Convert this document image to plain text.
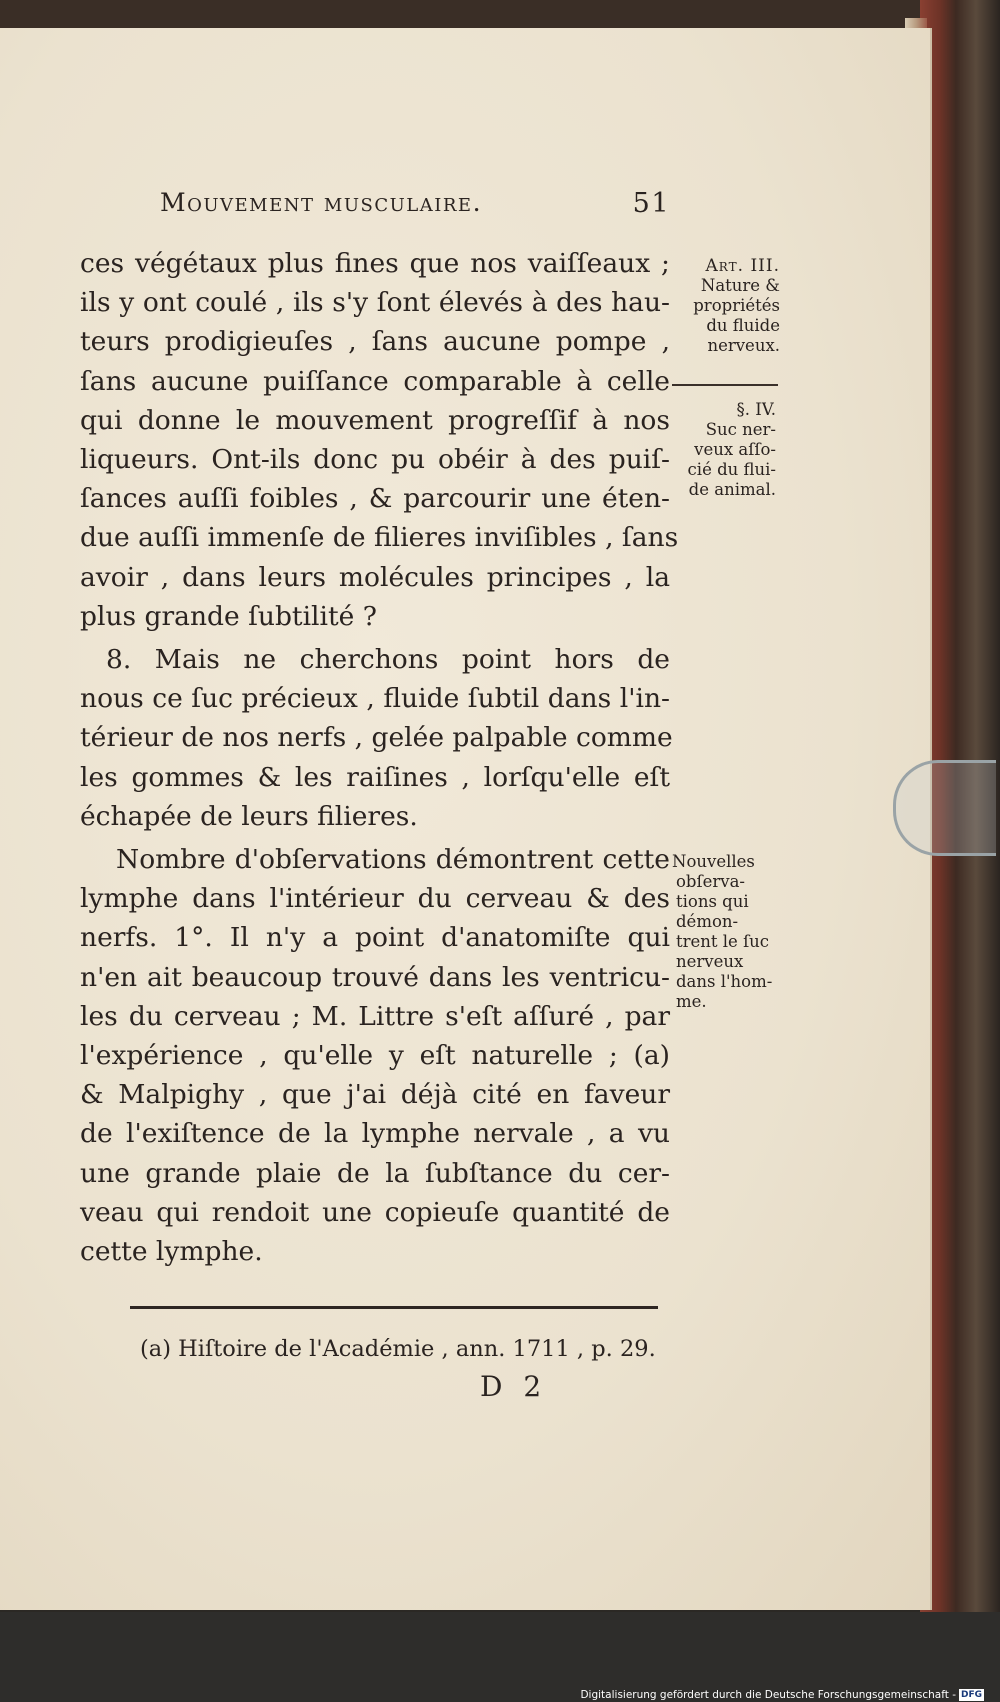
Mouvement musculaire.	51
ces végétaux plus fines que nos vaiſſeaux ;
ils y ont coulé , ils s'y ſont élevés à des hau-
teurs prodigieuſes , ſans aucune pompe ,
ſans aucune puiſſance comparable à celle
qui donne le mouvement progreſſif à nos
liqueurs. Ont-ils donc pu obéir à des puiſ-
ſances auſſi foibles , & parcourir une éten-
due auſſi immenſe de filieres inviſibles , ſans
avoir , dans leurs molécules principes , la
plus grande ſubtilité ?
8. Mais ne cherchons point hors de
nous ce ſuc précieux , fluide ſubtil dans l'in-
térieur de nos nerfs , gelée palpable comme
les gommes & les raiſines , lorſqu'elle eſt
échapée de leurs filieres.
Nombre d'obſervations démontrent cette
lymphe dans l'intérieur du cerveau & des
nerfs. 1°. Il n'y a point d'anatomiſte qui
n'en ait beaucoup trouvé dans les ventricu-
les du cerveau ; M. Littre s'eſt aſſuré , par
l'expérience , qu'elle y eſt naturelle ; (a)
& Malpighy , que j'ai déjà cité en faveur
de l'exiſtence de la lymphe nervale , a vu
une grande plaie de la ſubſtance du cer-
veau qui rendoit une copieuſe quantité de
cette lymphe.
Art. III.
Nature &
propriétés
du fluide
nerveux.
§. IV.
Suc ner-
veux aſſo-
cié du flui-
de animal.
Nouvelles
obſerva-
tions qui
démon-
trent le ſuc
nerveux
dans l'hom-
me.
(a) Hiſtoire de l'Académie , ann. 1711 , p. 29.
D 2
Digitalisierung gefördert durch die Deutsche Forschungsgemeinschaft - DFG
